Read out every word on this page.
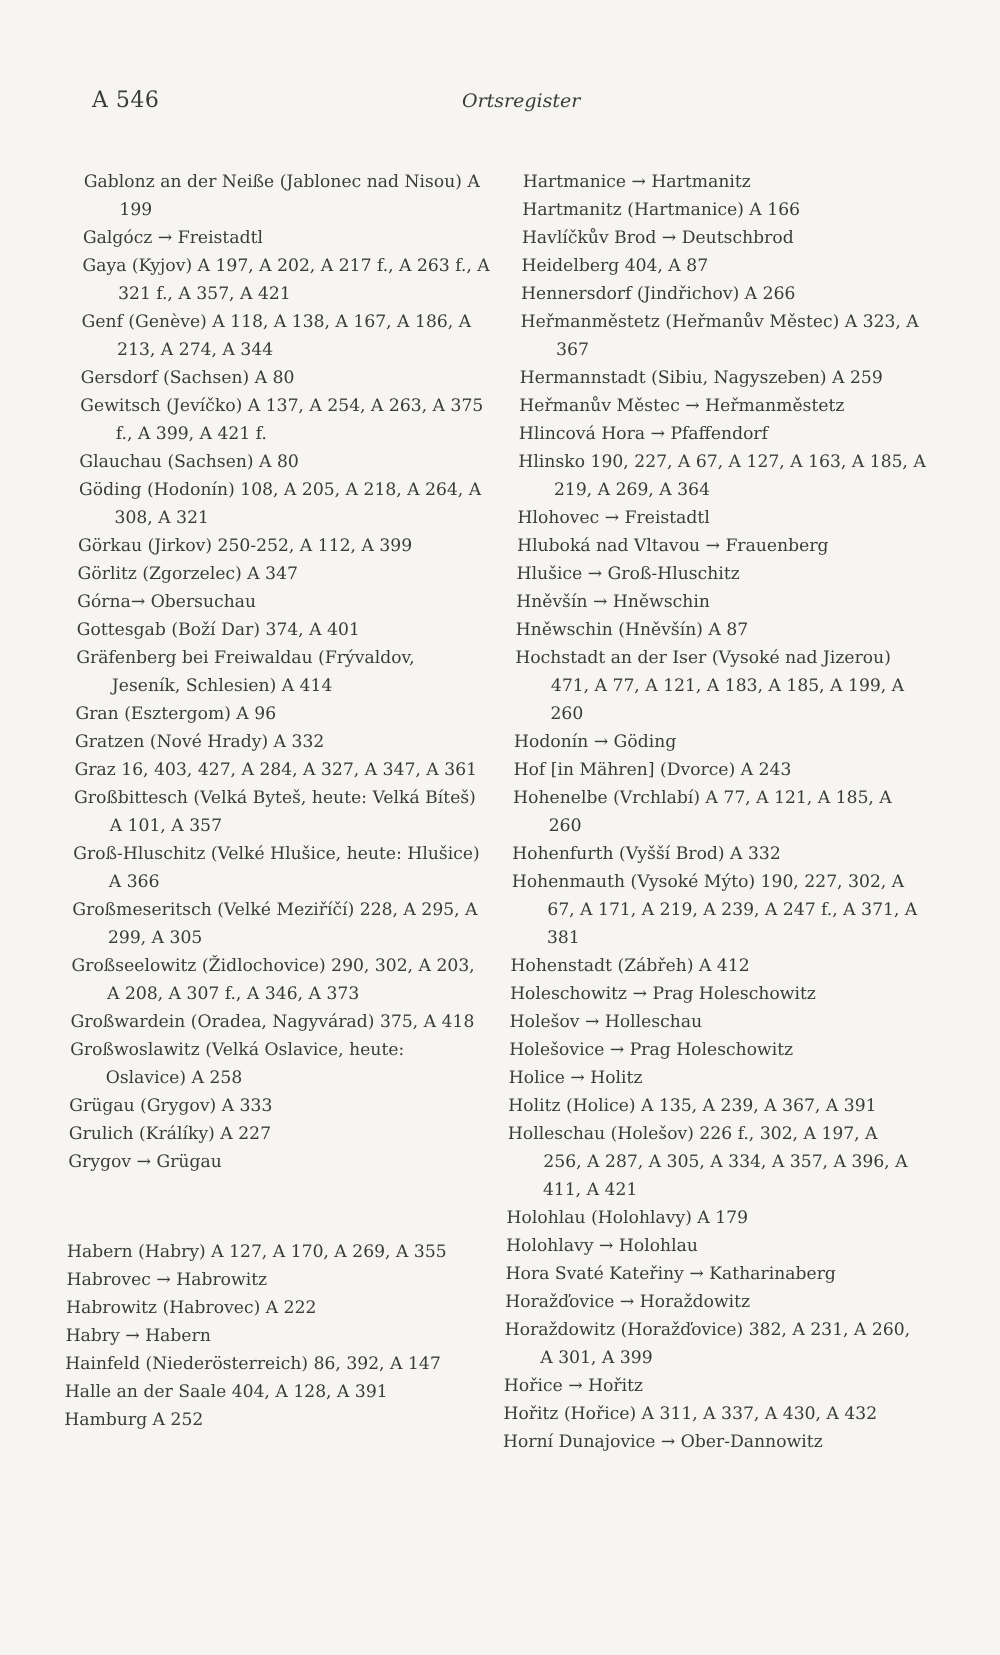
A 546	Ortsregister

Gablonz an der Neiße (Jablonec nad Nisou) A 199

Galgócz → Freistadtl

Gaya (Kyjov) A 197, A 202, A 217 f., A 263 f., A 321 f., A 357, A 421

Genf (Genève) A 118, A 138, A 167, A 186, A 213, A 274, A 344

Gersdorf (Sachsen) A 80

Gewitsch (Jevíčko) A 137, A 254, A 263, A 375 f., A 399, A 421 f.

Glauchau (Sachsen) A 80

Göding (Hodonín) 108, A 205, A 218, A 264, A 308, A 321

Görkau (Jirkov) 250-252, A 112, A 399

Görlitz (Zgorzelec) A 347

Górna→ Obersuchau

Gottesgab (Boží Dar) 374, A 401

Gräfenberg bei Freiwaldau (Frývaldov, Jeseník, Schlesien) A 414

Gran (Esztergom) A 96

Gratzen (Nové Hrady) A 332

Graz 16, 403, 427, A 284, A 327, A 347, A 361

Großbittesch (Velká Byteš, heute: Velká Bíteš) A 101, A 357

Groß-Hluschitz (Velké Hlušice, heute: Hlušice) A 366

Großmeseritsch (Velké Meziříčí) 228, A 295, A 299, A 305

Großseelowitz (Židlochovice) 290, 302, A 203, A 208, A 307 f., A 346, A 373

Großwardein (Oradea, Nagyvárad) 375, A 418

Großwoslawitz (Velká Oslavice, heute: Oslavice) A 258

Grügau (Grygov) A 333

Grulich (Králíky) A 227

Grygov → Grügau

Habern (Habry) A 127, A 170, A 269, A 355

Habrovec → Habrowitz

Habrowitz (Habrovec) A 222

Habry → Habern

Hainfeld (Niederösterreich) 86, 392, A 147

Halle an der Saale 404, A 128, A 391

Hamburg A 252

Hartmanice → Hartmanitz

Hartmanitz (Hartmanice) A 166

Havlíčkův Brod → Deutschbrod

Heidelberg 404, A 87

Hennersdorf (Jindřichov) A 266

Heřmanměstetz (Heřmanův Městec) A 323, A 367

Hermannstadt (Sibiu, Nagyszeben) A 259

Heřmanův Městec → Heřmanměstetz

Hlincová Hora → Pfaffendorf

Hlinsko 190, 227, A 67, A 127, A 163, A 185, A 219, A 269, A 364

Hlohovec → Freistadtl

Hluboká nad Vltavou → Frauenberg

Hlušice → Groß-Hluschitz

Hněvšín → Hněwschin

Hněwschin (Hněvšín) A 87

Hochstadt an der Iser (Vysoké nad Jizerou) 471, A 77, A 121, A 183, A 185, A 199, A 260

Hodonín → Göding

Hof [in Mähren] (Dvorce) A 243

Hohenelbe (Vrchlabí) A 77, A 121, A 185, A 260

Hohenfurth (Vyšší Brod) A 332

Hohenmauth (Vysoké Mýto) 190, 227, 302, A 67, A 171, A 219, A 239, A 247 f., A 371, A 381

Hohenstadt (Zábřeh) A 412

Holeschowitz → Prag Holeschowitz

Holešov → Holleschau

Holešovice → Prag Holeschowitz

Holice → Holitz

Holitz (Holice) A 135, A 239, A 367, A 391

Holleschau (Holešov) 226 f., 302, A 197, A 256, A 287, A 305, A 334, A 357, A 396, A 411, A 421

Holohlau (Holohlavy) A 179

Holohlavy → Holohlau

Hora Svaté Kateřiny → Katharinaberg

Horažďovice → Horaždowitz

Horaždowitz (Horažďovice) 382, A 231, A 260, A 301, A 399

Hořice → Hořitz

Hořitz (Hořice) A 311, A 337, A 430, A 432

Horní Dunajovice → Ober-Dannowitz
